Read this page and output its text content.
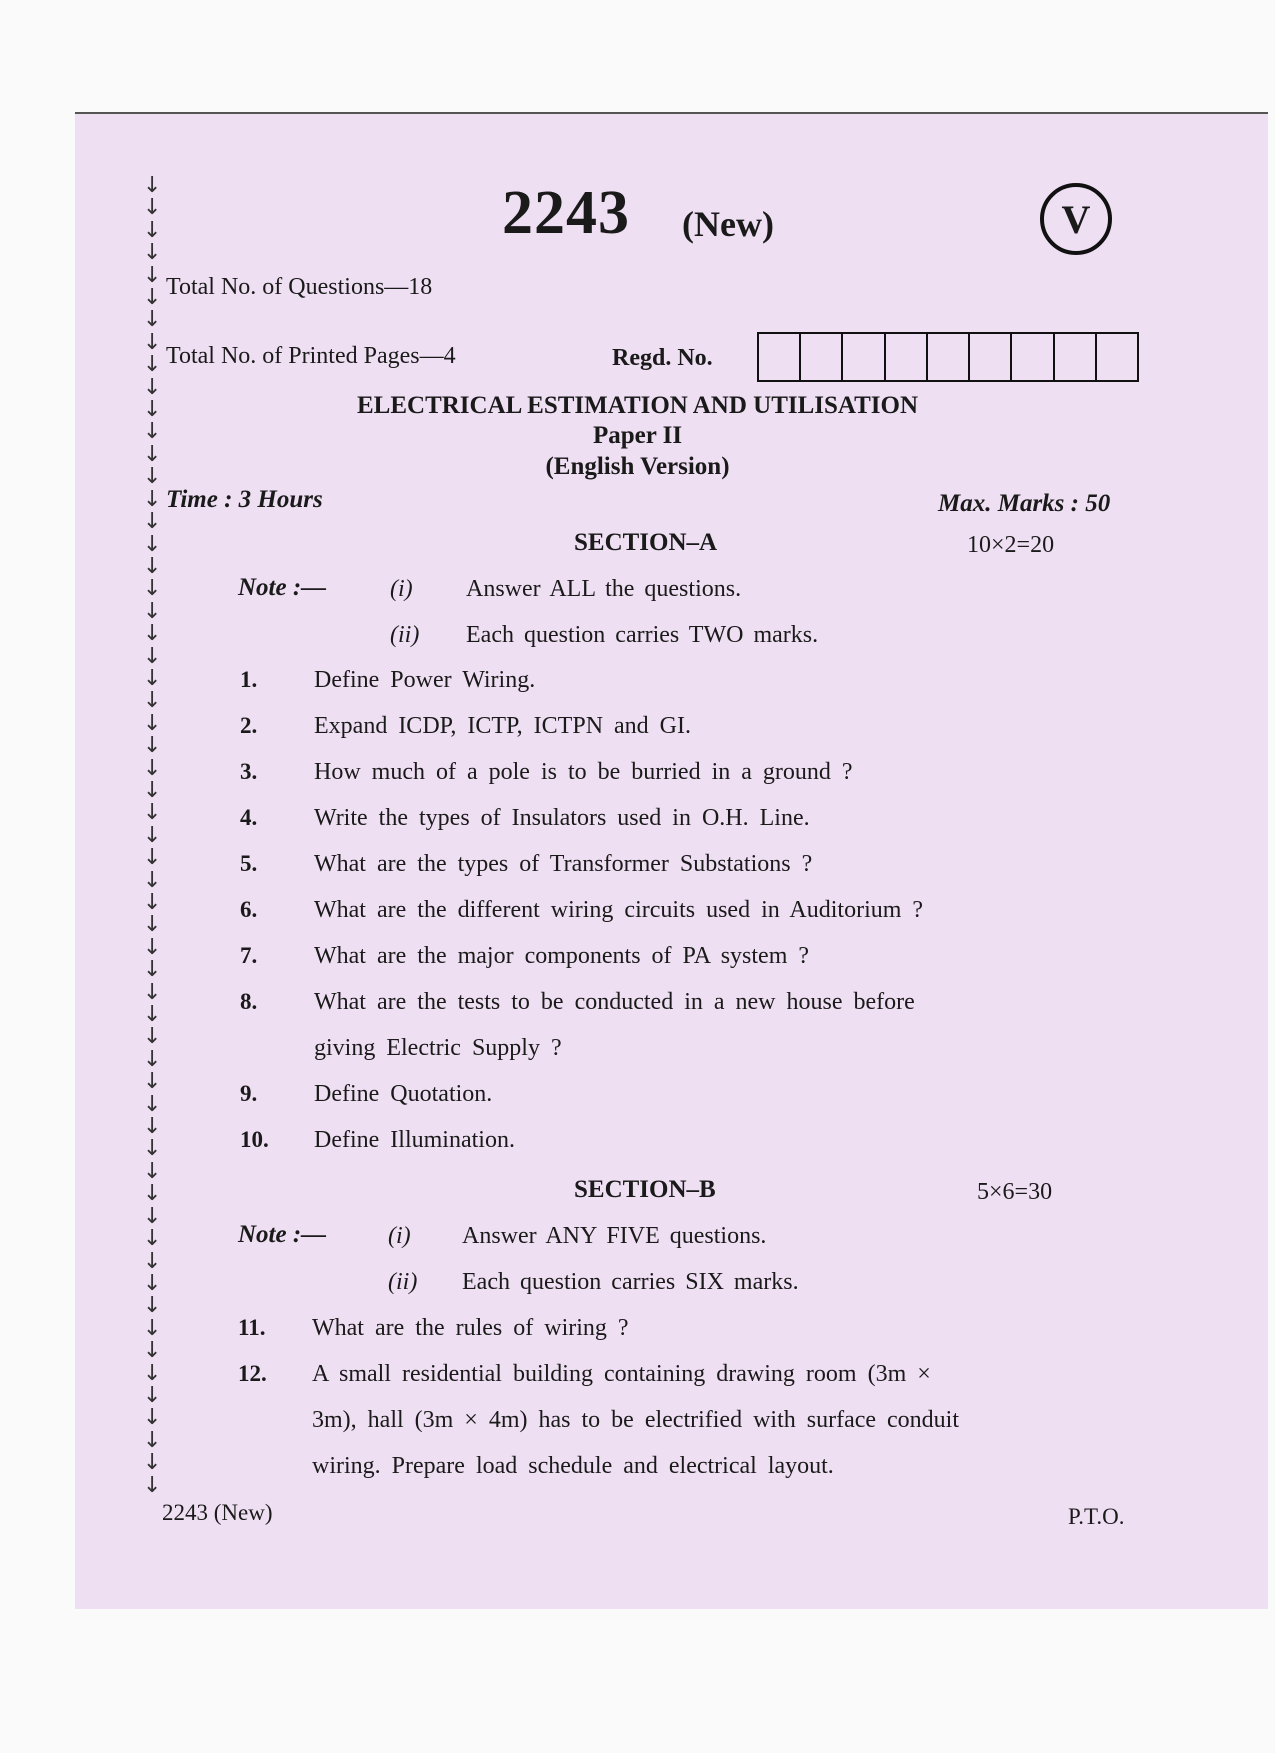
↓
↓
↓
↓
↓
↓
↓
↓
↓
↓
↓
↓
↓
↓
↓
↓
↓
↓
↓
↓
↓
↓
↓
↓
↓
↓
↓
↓
↓
↓
↓
↓
↓
↓
↓
↓
↓
↓
↓
↓
↓
↓
↓
↓
↓
↓
↓
↓
↓
↓
↓
↓
↓
↓
↓
↓
↓
↓
↓
2243 (New)	V
Total No. of Questions—18
Total No. of Printed Pages—4	Regd. No.
ELECTRICAL ESTIMATION AND UTILISATION
Paper II
(English Version)
Time : 3 Hours	Max. Marks : 50
SECTION–A	10×2=20
Note :—	(i) Answer ALL the questions.
(ii) Each question carries TWO marks.
1. Define Power Wiring.
2. Expand ICDP, ICTP, ICTPN and GI.
3. How much of a pole is to be burried in a ground ?
4. Write the types of Insulators used in O.H. Line.
5. What are the types of Transformer Substations ?
6. What are the different wiring circuits used in Auditorium ?
7. What are the major components of PA system ?
8. What are the tests to be conducted in a new house before
giving Electric Supply ?
9. Define Quotation.
10. Define Illumination.
SECTION–B	5×6=30
Note :—	(i) Answer ANY FIVE questions.
(ii) Each question carries SIX marks.
11. What are the rules of wiring ?
12. A small residential building containing drawing room (3m ×
3m), hall (3m × 4m) has to be electrified with surface conduit
wiring. Prepare load schedule and electrical layout.
2243 (New)	P.T.O.
